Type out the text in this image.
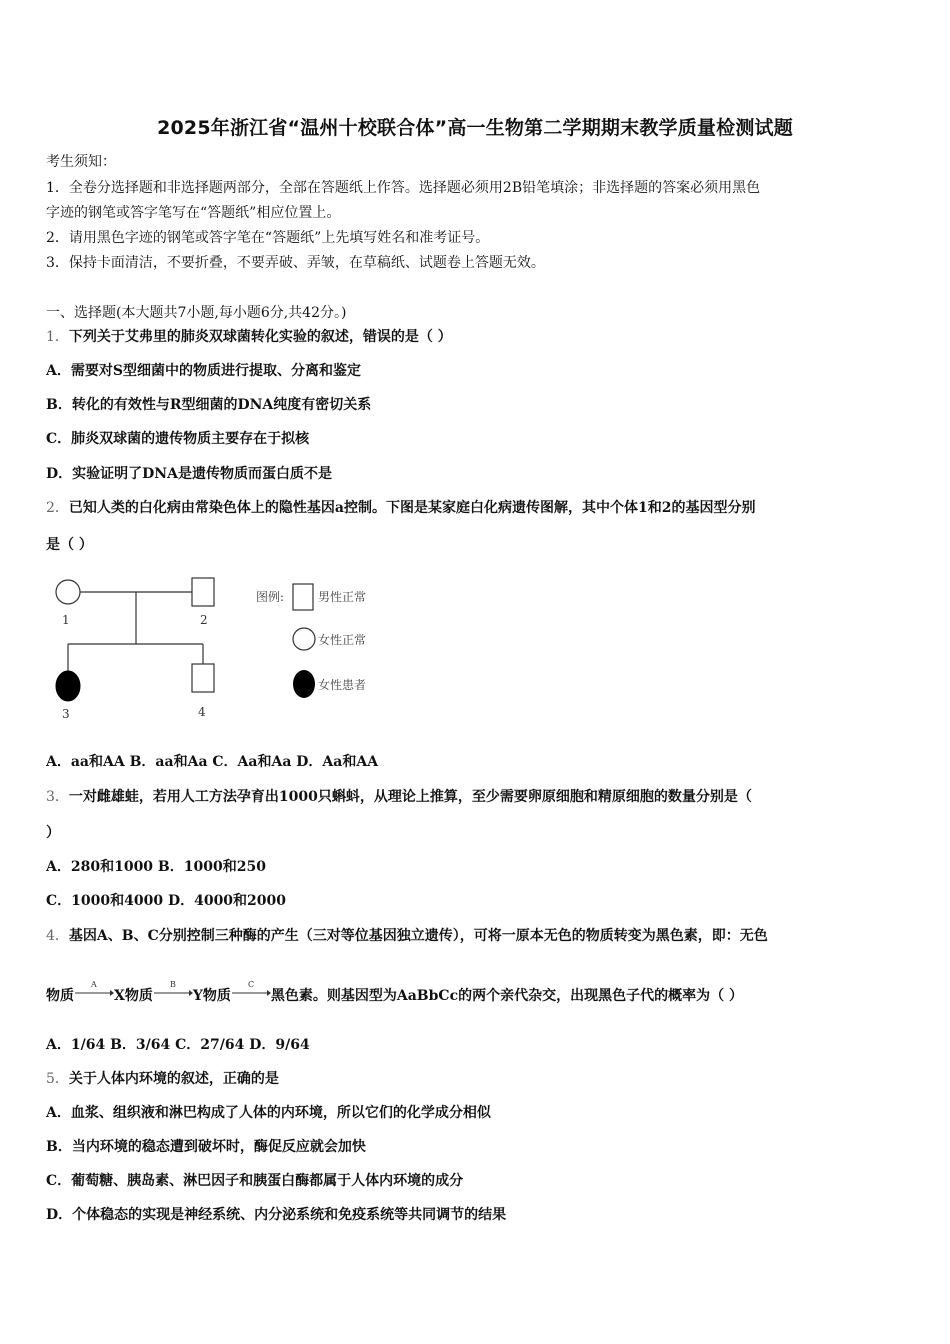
2025年浙江省“温州十校联合体”高一生物第二学期期末教学质量检测试题
考生须知：
1．全卷分选择题和非选择题两部分，全部在答题纸上作答。选择题必须用2B铅笔填涂；非选择题的答案必须用黑色
字迹的钢笔或答字笔写在“答题纸”相应位置上。
2．请用黑色字迹的钢笔或答字笔在“答题纸”上先填写姓名和准考证号。
3．保持卡面清洁，不要折叠，不要弄破、弄皱，在草稿纸、试题卷上答题无效。
一、选择题(本大题共7小题,每小题6分,共42分。)
1．下列关于艾弗里的肺炎双球菌转化实验的叙述，错误的是（ ）
A．需要对S型细菌中的物质进行提取、分离和鉴定
B．转化的有效性与R型细菌的DNA纯度有密切关系
C．肺炎双球菌的遗传物质主要存在于拟核
D．实验证明了DNA是遗传物质而蛋白质不是
2．已知人类的白化病由常染色体上的隐性基因a控制。下图是某家庭白化病遗传图解，其中个体1和2的基因型分别
是（ ）
1	2
3	4
图例:	男性正常
女性正常
女性患者
A．aa和AA B．aa和Aa C．Aa和Aa D．Aa和AA
3．一对雌雄蛙，若用人工方法孕育出1000只蝌蚪，从理论上推算，至少需要卵原细胞和精原细胞的数量分别是（
）
A．280和1000 B．1000和250
C．1000和4000 D．4000和2000
4．基因A、B、C分别控制三种酶的产生（三对等位基因独立遗传），可将一原本无色的物质转变为黑色素，即：无色
物质
A
X物质
B
Y物质
C
黑色素。则基因型为AaBbCc的两个亲代杂交，出现黑色子代的概率为（ ）
A．1/64 B．3/64 C．27/64 D．9/64
5．关于人体内环境的叙述，正确的是
A．血浆、组织液和淋巴构成了人体的内环境，所以它们的化学成分相似
B．当内环境的稳态遭到破坏时，酶促反应就会加快
C．葡萄糖、胰岛素、淋巴因子和胰蛋白酶都属于人体内环境的成分
D．个体稳态的实现是神经系统、内分泌系统和免疫系统等共同调节的结果
